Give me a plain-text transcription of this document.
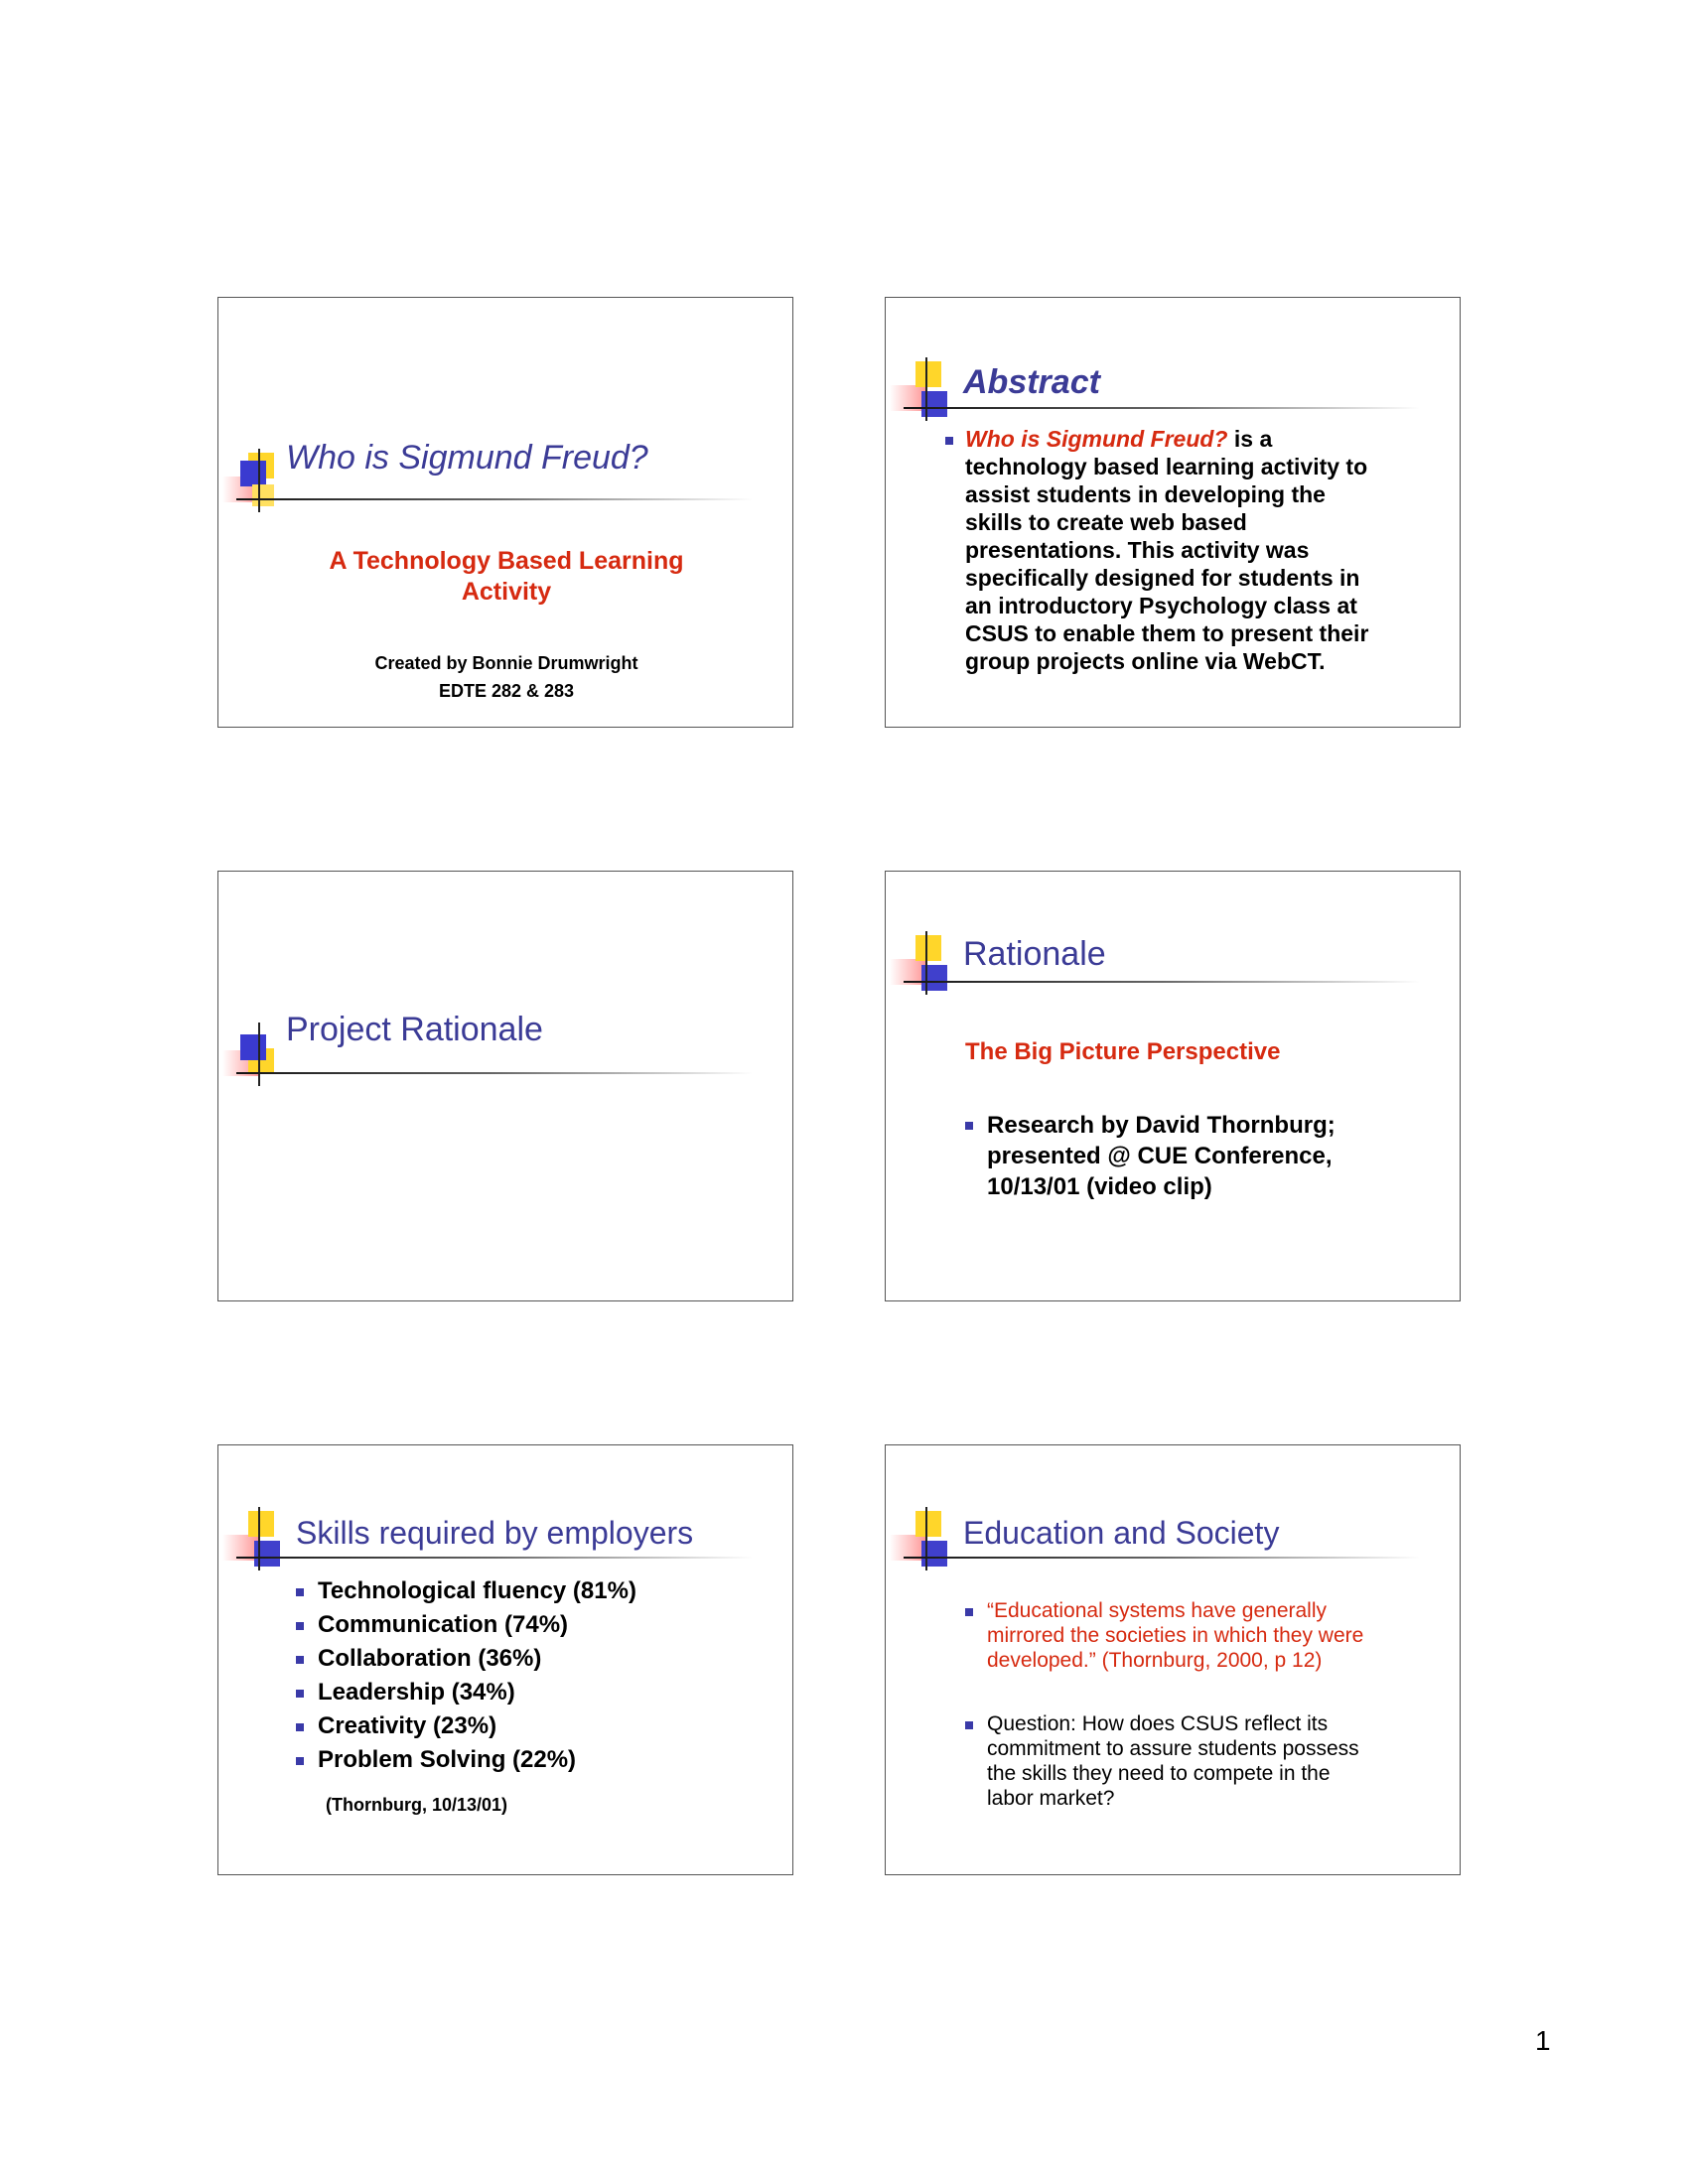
Who is Sigmund Freud?
A Technology Based Learning
Activity
Created by Bonnie Drumwright
EDTE 282 & 283
Abstract
Who is Sigmund Freud? is a
technology based learning activity to
assist students in developing the
skills to create web based
presentations. This activity was
specifically designed for students in
an introductory Psychology class at
CSUS to enable them to present their
group projects online via WebCT.
Project Rationale
Rationale
The Big Picture Perspective
Research by David Thornburg;
presented @ CUE Conference,
10/13/01 (video clip)
Skills required by employers
Technological fluency (81%)
Communication (74%)
Collaboration (36%)
Leadership (34%)
Creativity (23%)
Problem Solving (22%)
(Thornburg, 10/13/01)
Education and Society
“Educational systems have generally
mirrored the societies in which they were
developed.” (Thornburg, 2000, p 12)
Question: How does CSUS reflect its
commitment to assure students possess
the skills they need to compete in the
labor market?
1
